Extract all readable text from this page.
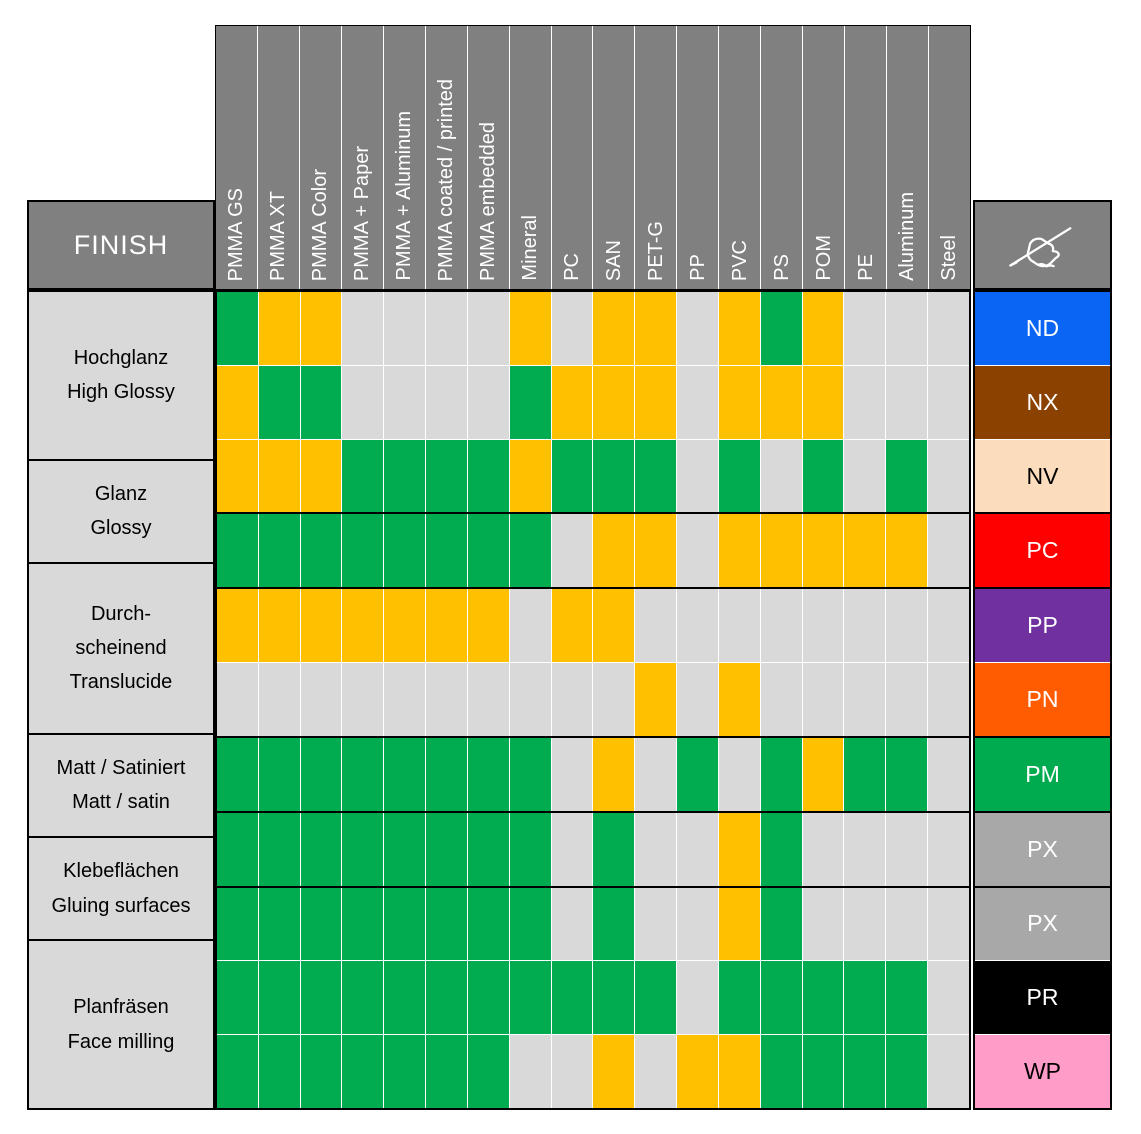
PMMA GS PMMA XT PMMA Color PMMA + Paper PMMA + Aluminum PMMA coated / printed PMMA embedded Mineral PC SAN PET-G PP PVC PS POM PE Aluminum Steel
FINISH
Hochglanz
High Glossy
Glanz
Glossy
Durch-
scheinend
Translucide
Matt / Satiniert
Matt / satin
Klebeflächen
Gluing surfaces
Planfräsen
Face milling
ND
NX
NV
PC
PP
PN
PM
PX
PX
PR
WP
